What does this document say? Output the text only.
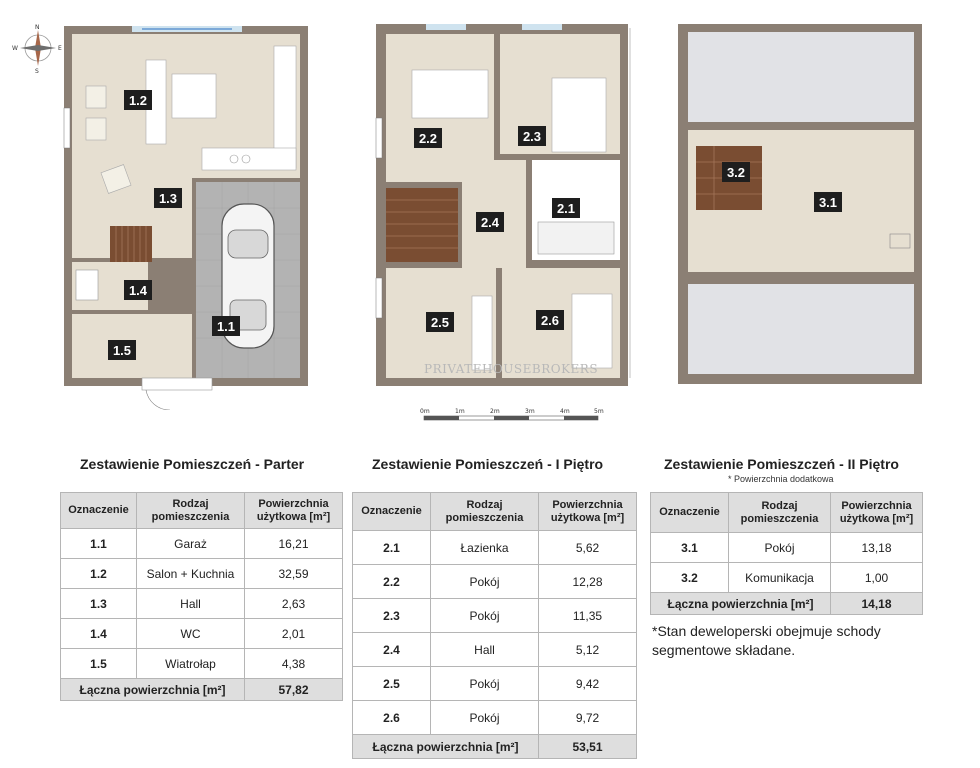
N
E
S
W
1.2
1.3
1.4
1.1
1.5
PRIVATEHOUSEBROKERS
2.2	2.3
2.1
2.4
2.5	2.6
0m	1m	2m	3m	4m	5m
3.2
3.1
Zestawienie Pomieszczeń - Parter
Oznaczenie	Rodzaj pomieszczenia	Powierzchnia użytkowa [m²]
1.1	Garaż	16,21
1.2	Salon + Kuchnia	32,59
1.3	Hall	2,63
1.4	WC	2,01
1.5	Wiatrołap	4,38
Łączna powierzchnia [m²]		57,82
Zestawienie Pomieszczeń - I Piętro
Oznaczenie	Rodzaj pomieszczenia	Powierzchnia użytkowa [m²]
2.1	Łazienka	5,62
2.2	Pokój	12,28
2.3	Pokój	11,35
2.4	Hall	5,12
2.5	Pokój	9,42
2.6	Pokój	9,72
Łączna powierzchnia [m²]		53,51
Zestawienie Pomieszczeń - II Piętro
* Powierzchnia dodatkowa
Oznaczenie	Rodzaj pomieszczenia	Powierzchnia użytkowa [m²]
3.1	Pokój	13,18
3.2	Komunikacja	1,00
Łączna powierzchnia [m²]		14,18
*Stan deweloperski obejmuje schody
segmentowe składane.
